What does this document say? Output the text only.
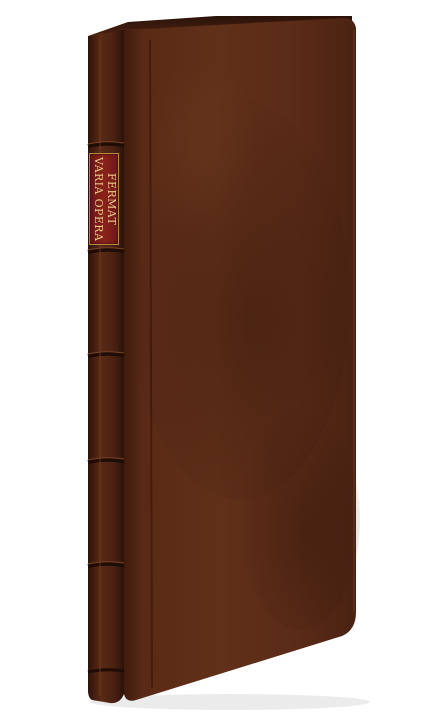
FERMAT
VARIA OPERA
